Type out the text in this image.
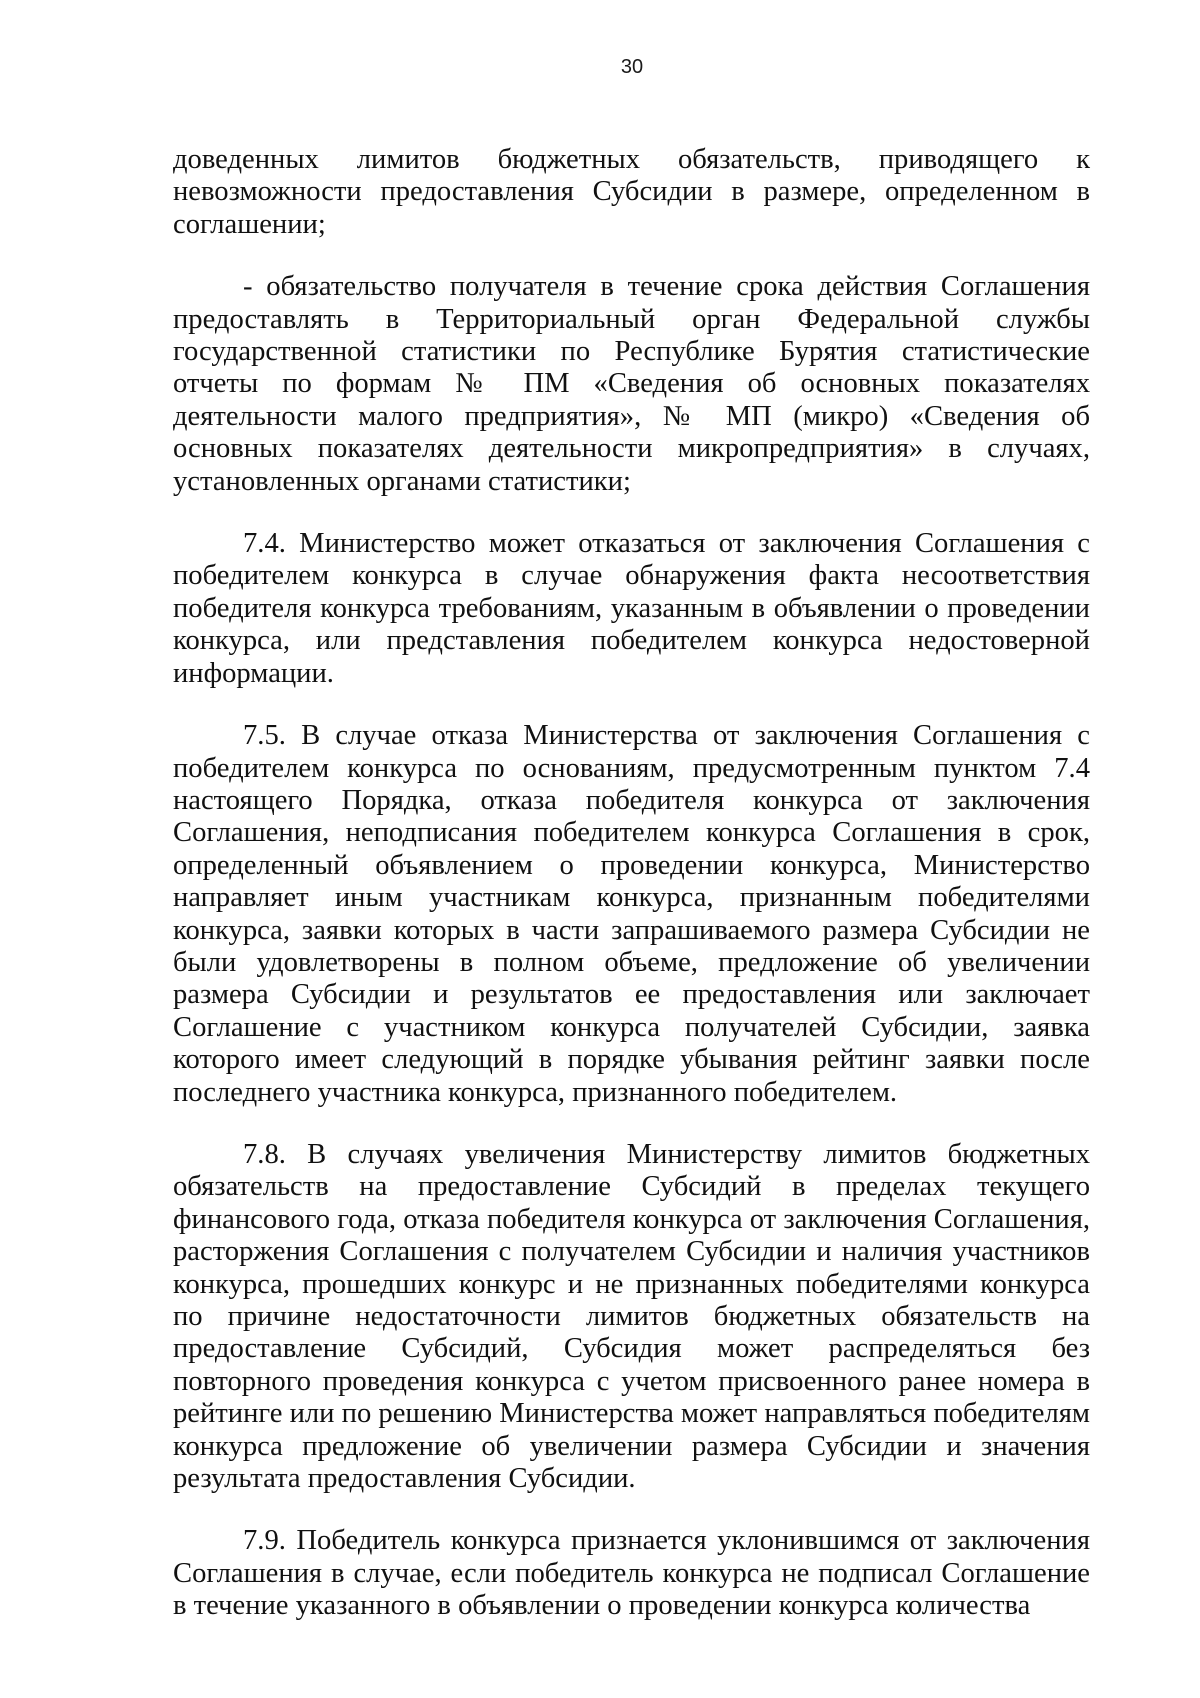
30

доведенных лимитов бюджетных обязательств, приводящего к невозможности предоставления Субсидии в размере, определенном в соглашении;

- обязательство получателя в течение срока действия Соглашения предоставлять в Территориальный орган Федеральной службы государственной статистики по Республике Бурятия статистические отчеты по формам № ПМ «Сведения об основных показателях деятельности малого предприятия», № МП (микро) «Сведения об основных показателях деятельности микропредприятия» в случаях, установленных органами статистики;

7.4. Министерство может отказаться от заключения Соглашения с победителем конкурса в случае обнаружения факта несоответствия победителя конкурса требованиям, указанным в объявлении о проведении конкурса, или представления победителем конкурса недостоверной информации.

7.5. В случае отказа Министерства от заключения Соглашения с победителем конкурса по основаниям, предусмотренным пунктом 7.4 настоящего Порядка, отказа победителя конкурса от заключения Соглашения, неподписания победителем конкурса Соглашения в срок, определенный объявлением о проведении конкурса, Министерство направляет иным участникам конкурса, признанным победителями конкурса, заявки которых в части запрашиваемого размера Субсидии не были удовлетворены в полном объеме, предложение об увеличении размера Субсидии и результатов ее предоставления или заключает Соглашение с участником конкурса получателей Субсидии, заявка которого имеет следующий в порядке убывания рейтинг заявки после последнего участника конкурса, признанного победителем.

7.8. В случаях увеличения Министерству лимитов бюджетных обязательств на предоставление Субсидий в пределах текущего финансового года, отказа победителя конкурса от заключения Соглашения, расторжения Соглашения с получателем Субсидии и наличия участников конкурса, прошедших конкурс и не признанных победителями конкурса по причине недостаточности лимитов бюджетных обязательств на предоставление Субсидий, Субсидия может распределяться без повторного проведения конкурса с учетом присвоенного ранее номера в рейтинге или по решению Министерства может направляться победителям конкурса предложение об увеличении размера Субсидии и значения результата предоставления Субсидии.

7.9. Победитель конкурса признается уклонившимся от заключения Соглашения в случае, если победитель конкурса не подписал Соглашение в течение указанного в объявлении о проведении конкурса количества
